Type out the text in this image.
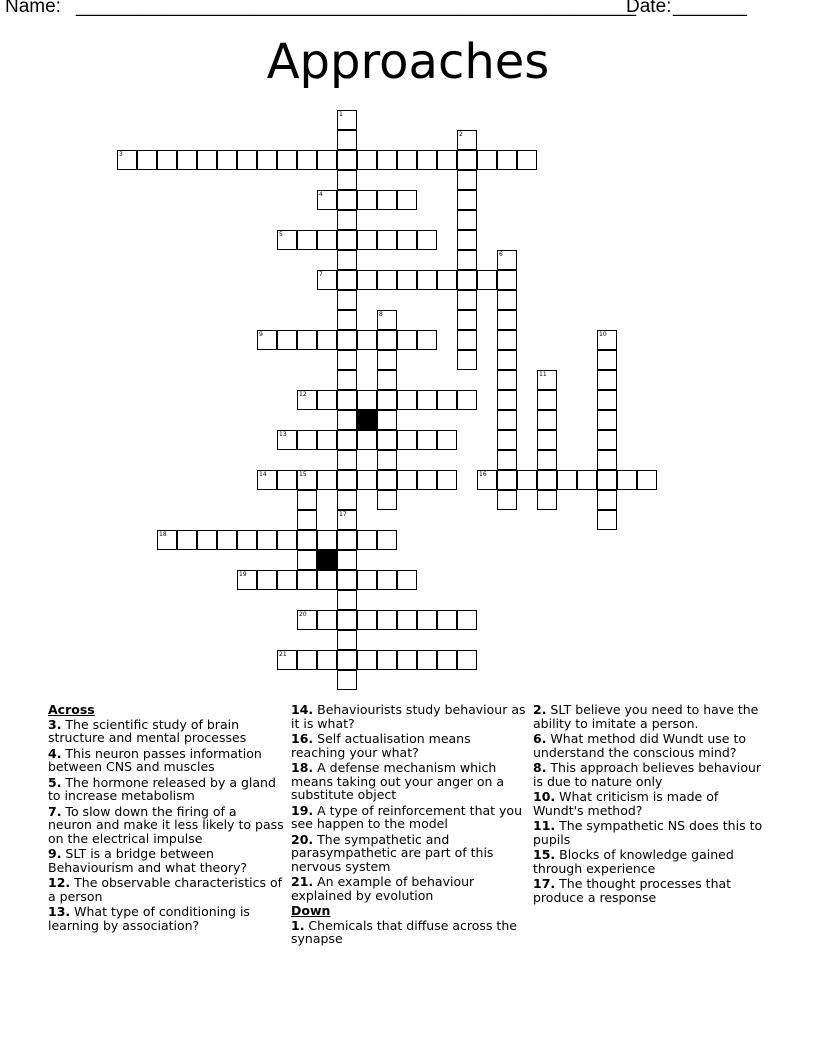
Name: _____________________________________________________
Date:
_______
Approaches
1
17
2
3
4
5
6
7
8
9	10
11
12
13
14	15	16
18
19
20
21
Across
3. The scientific study of brain structure and mental processes
4. This neuron passes information between CNS and muscles
5. The hormone released by a gland to increase metabolism
7. To slow down the firing of a neuron and make it less likely to pass on the electrical impulse
9. SLT is a bridge between Behaviourism and what theory?
12. The observable characteristics of a person
13. What type of conditioning is learning by association?
14. Behaviourists study behaviour as it is what?
16. Self actualisation means reaching your what?
18. A defense mechanism which means taking out your anger on a substitute object
19. A type of reinforcement that you see happen to the model
20. The sympathetic and parasympathetic are part of this nervous system
21. An example of behaviour explained by evolution
Down
1. Chemicals that diffuse across the synapse
2. SLT believe you need to have the ability to imitate a person.
6. What method did Wundt use to understand the conscious mind?
8. This approach believes behaviour is due to nature only
10. What criticism is made of Wundt's method?
11. The sympathetic NS does this to pupils
15. Blocks of knowledge gained through experience
17. The thought processes that produce a response
